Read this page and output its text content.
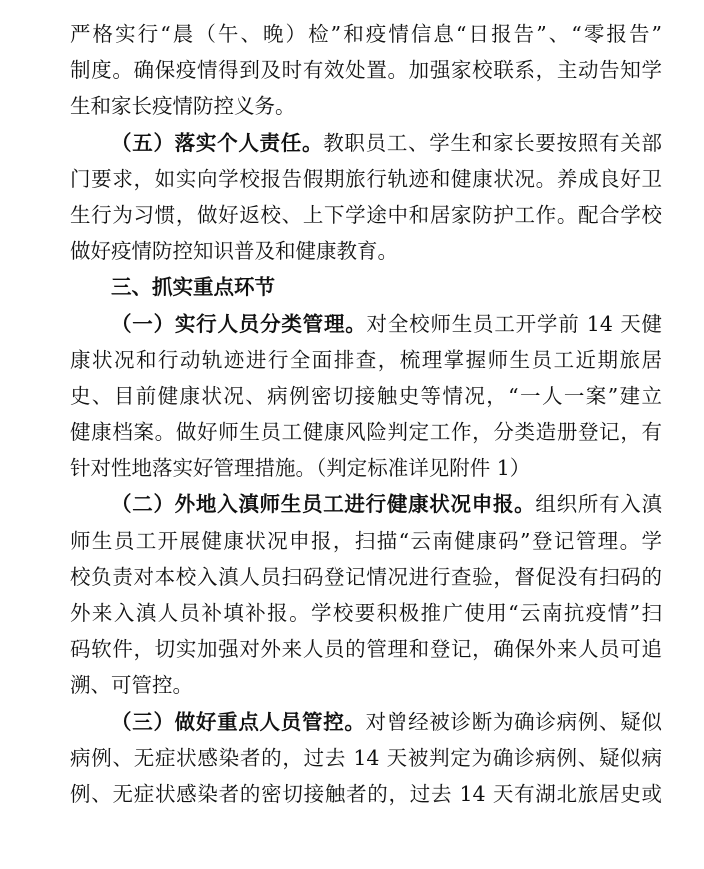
严格实行“晨（午、晚）检”和疫情信息“日报告”、“零报告”
制度。确保疫情得到及时有效处置。加强家校联系，主动告知学
生和家长疫情防控义务。
（五）落实个人责任。教职员工、学生和家长要按照有关部
门要求，如实向学校报告假期旅行轨迹和健康状况。养成良好卫
生行为习惯，做好返校、上下学途中和居家防护工作。配合学校
做好疫情防控知识普及和健康教育。
三、抓实重点环节
（一）实行人员分类管理。对全校师生员工开学前 14 天健
康状况和行动轨迹进行全面排查，梳理掌握师生员工近期旅居
史、目前健康状况、病例密切接触史等情况，“一人一案”建立
健康档案。做好师生员工健康风险判定工作，分类造册登记，有
针对性地落实好管理措施。（判定标准详见附件 1）
（二）外地入滇师生员工进行健康状况申报。组织所有入滇
师生员工开展健康状况申报，扫描“云南健康码”登记管理。学
校负责对本校入滇人员扫码登记情况进行查验，督促没有扫码的
外来入滇人员补填补报。学校要积极推广使用“云南抗疫情”扫
码软件，切实加强对外来人员的管理和登记，确保外来人员可追
溯、可管控。
（三）做好重点人员管控。对曾经被诊断为确诊病例、疑似
病例、无症状感染者的，过去 14 天被判定为确诊病例、疑似病
例、无症状感染者的密切接触者的，过去 14 天有湖北旅居史或
